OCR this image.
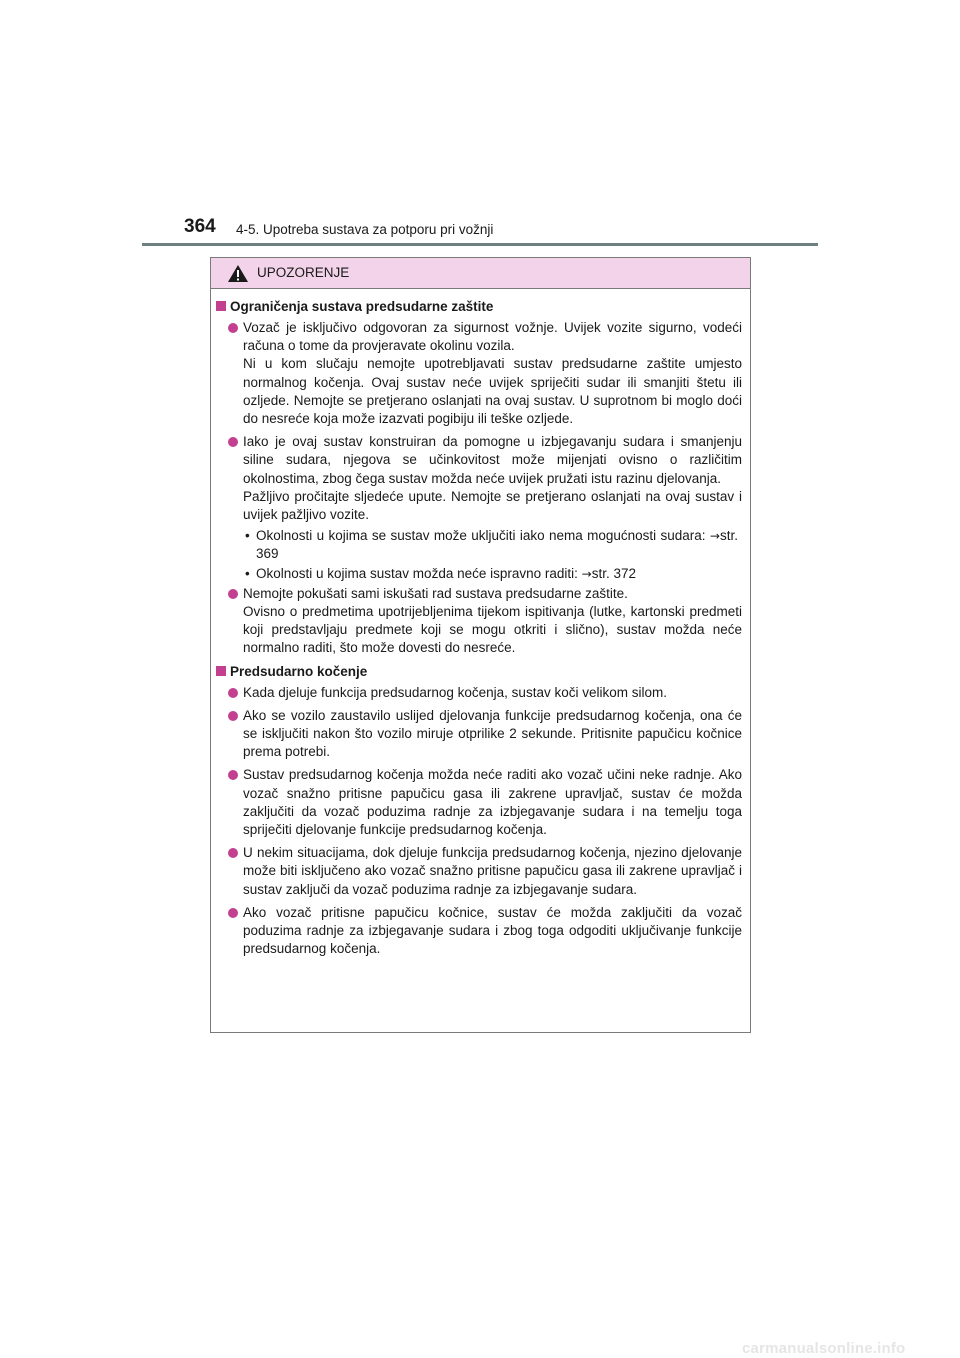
364 4-5. Upotreba sustava za potporu pri vožnji
UPOZORENJE
Ograničenja sustava predsudarne zaštite

Vozač je isključivo odgovoran za sigurnost vožnje. Uvijek vozite sigurno, vodeći računa o tome da provjeravate okolinu vozila.

Ni u kom slučaju nemojte upotrebljavati sustav predsudarne zaštite umjesto normalnog kočenja. Ovaj sustav neće uvijek spriječiti sudar ili smanjiti štetu ili ozljede. Nemojte se pretjerano oslanjati na ovaj sustav. U suprotnom bi moglo doći do nesreće koja može izazvati pogibiju ili teške ozljede.

Iako je ovaj sustav konstruiran da pomogne u izbjegavanju sudara i smanjenju siline sudara, njegova se učinkovitost može mijenjati ovisno o različitim okolnostima, zbog čega sustav možda neće uvijek pružati istu razinu djelovanja.

Pažljivo pročitajte sljedeće upute. Nemojte se pretjerano oslanjati na ovaj sustav i uvijek pažljivo vozite.

• Okolnosti u kojima se sustav može uključiti iako nema mogućnosti sudara: →str. 369
• Okolnosti u kojima sustav možda neće ispravno raditi: →str. 372

Nemojte pokušati sami iskušati rad sustava predsudarne zaštite.

Ovisno o predmetima upotrijebljenima tijekom ispitivanja (lutke, kartonski predmeti koji predstavljaju predmete koji se mogu otkriti i slično), sustav možda neće normalno raditi, što može dovesti do nesreće.

Predsudarno kočenje

Kada djeluje funkcija predsudarnog kočenja, sustav koči velikom silom.

Ako se vozilo zaustavilo uslijed djelovanja funkcije predsudarnog kočenja, ona će se isključiti nakon što vozilo miruje otprilike 2 sekunde. Pritisnite papučicu kočnice prema potrebi.

Sustav predsudarnog kočenja možda neće raditi ako vozač učini neke radnje. Ako vozač snažno pritisne papučicu gasa ili zakrene upravljač, sustav će možda zaključiti da vozač poduzima radnje za izbjegavanje sudara i na temelju toga spriječiti djelovanje funkcije predsudarnog kočenja.

U nekim situacijama, dok djeluje funkcija predsudarnog kočenja, njezino djelovanje može biti isključeno ako vozač snažno pritisne papučicu gasa ili zakrene upravljač i sustav zaključi da vozač poduzima radnje za izbjegavanje sudara.

Ako vozač pritisne papučicu kočnice, sustav će možda zaključiti da vozač poduzima radnje za izbjegavanje sudara i zbog toga odgoditi uključivanje funkcije predsudarnog kočenja.

carmanualsonline.info
